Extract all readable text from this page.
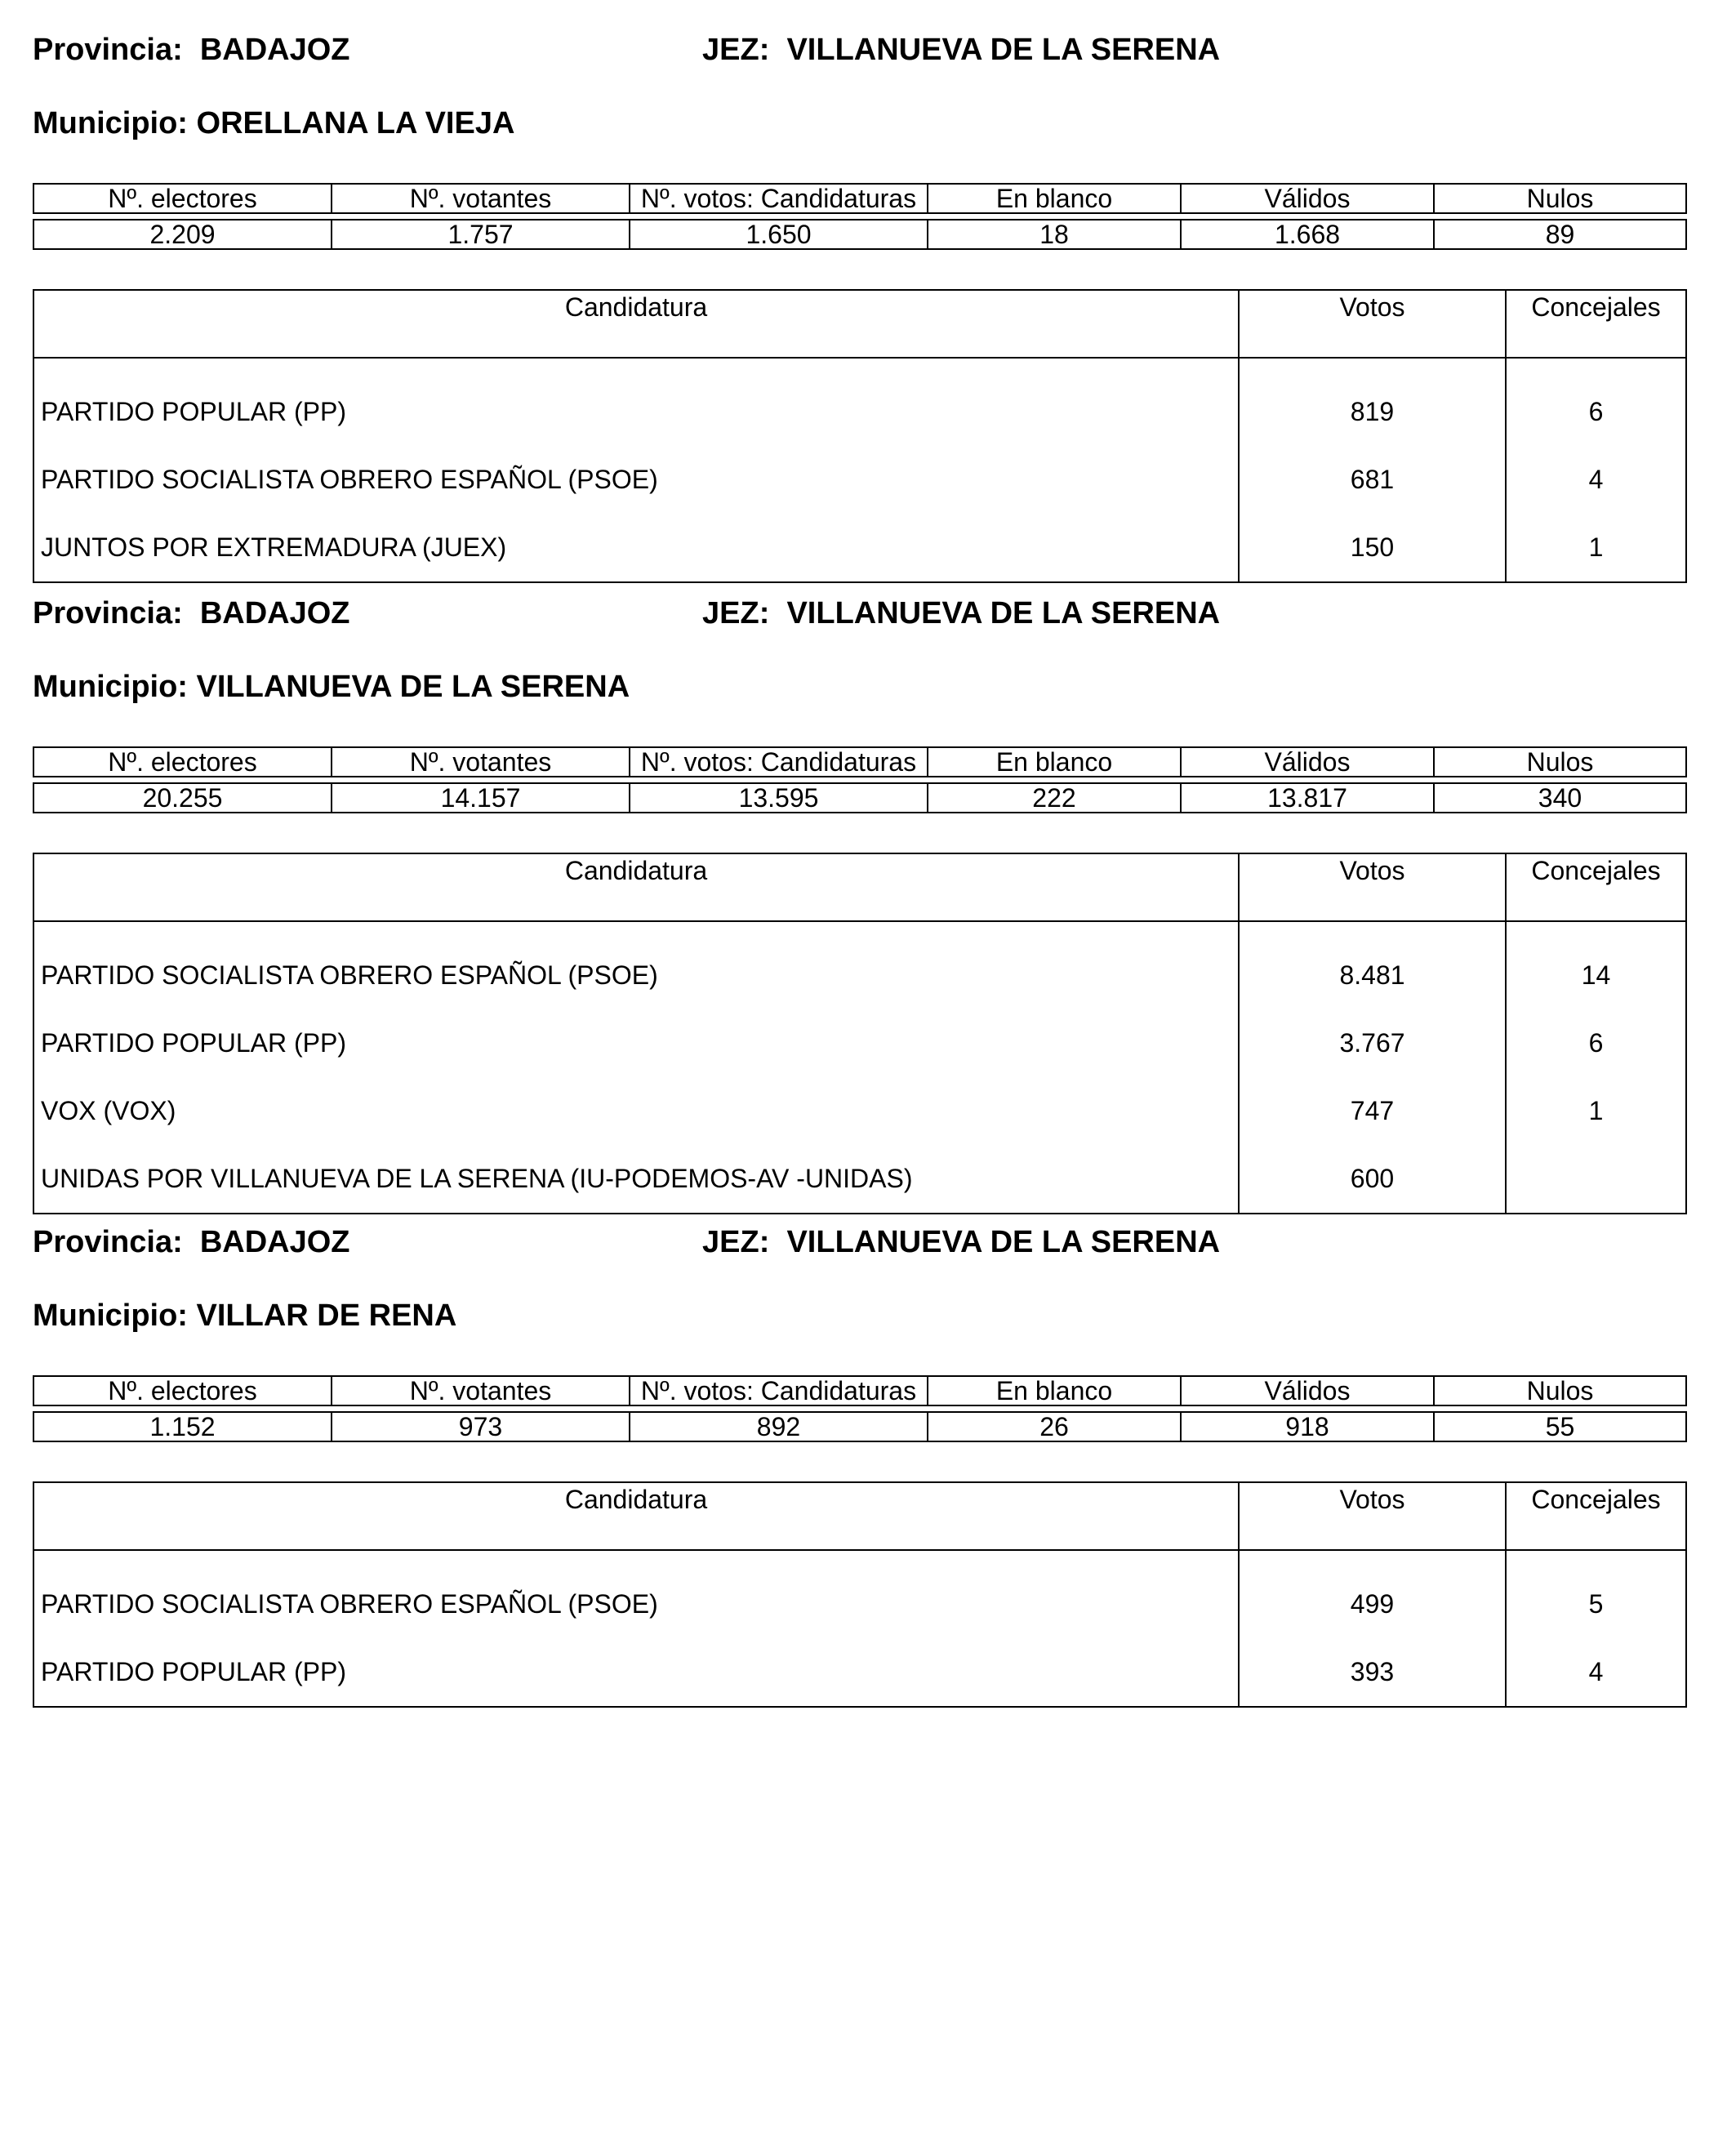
Provincia:  BADAJOZ	JEZ:  VILLANUEVA DE LA SERENA
Municipio: ORELLANA LA VIEJA
Nº. electores	Nº. votantes	Nº. votos: Candidaturas	En blanco	Válidos	Nulos

2.209	1.757	1.650	18	1.668	89
Candidatura	Votos	Concejales
PARTIDO POPULAR (PP)	819	6
PARTIDO SOCIALISTA OBRERO ESPAÑOL (PSOE)	681	4
JUNTOS POR EXTREMADURA (JUEX)	150	1
Provincia:  BADAJOZ	JEZ:  VILLANUEVA DE LA SERENA
Municipio: VILLANUEVA DE LA SERENA
Nº. electores	Nº. votantes	Nº. votos: Candidaturas	En blanco	Válidos	Nulos

20.255	14.157	13.595	222	13.817	340
Candidatura	Votos	Concejales
PARTIDO SOCIALISTA OBRERO ESPAÑOL (PSOE)	8.481	14
PARTIDO POPULAR (PP)	3.767	6
VOX (VOX)	747	1
UNIDAS POR VILLANUEVA DE LA SERENA (IU-PODEMOS-AV -UNIDAS)	600	
Provincia:  BADAJOZ	JEZ:  VILLANUEVA DE LA SERENA
Municipio: VILLAR DE RENA
Nº. electores	Nº. votantes	Nº. votos: Candidaturas	En blanco	Válidos	Nulos

1.152	973	892	26	918	55
Candidatura	Votos	Concejales
PARTIDO SOCIALISTA OBRERO ESPAÑOL (PSOE)	499	5
PARTIDO POPULAR (PP)	393	4
